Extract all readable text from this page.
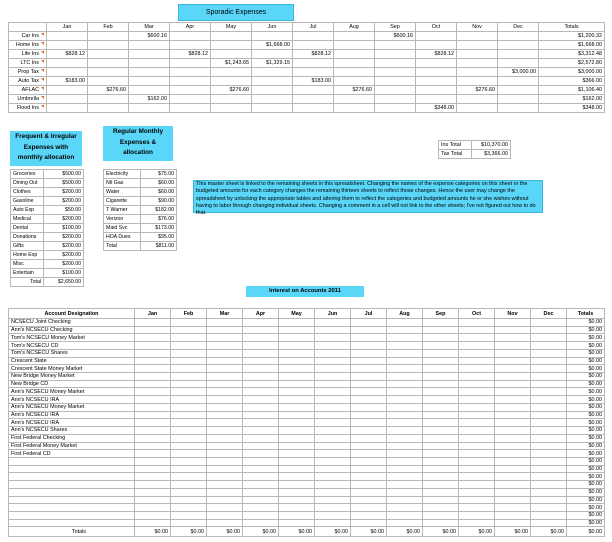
Sporadic Expenses
	Jan	Feb	Mar	Apr	May	Jun	Jul	Aug	Sep	Oct	Nov	Dec	Totals
Car Ins			$600.16						$600.16				$1,200.32
Home Ins						$1,668.00							$1,668.00
Life Ins	$828.12			$828.12			$828.12			$828.12			$3,312.48
LTC Ins					$1,243.65	$1,329.15							$2,572.80
Prop Tax												$3,000.00	$3,000.00
Auto Tax	$183.00						$183.00						$366.00
AFLAC		$276.60			$276.60			$276.60			$276.60		$1,106.40
Umbrella			$162.00										$162.00
Flood Ins										$348.00			$348.00
Frequent & Irregular
Expenses with
monthly allocation
Groceries	$500.00
Dining Out	$500.00
Clothes	$200.00
Gasoline	$200.00
Auto Exp	$50.00
Medical	$200.00
Dental	$100.00
Donations	$200.00
Gifts	$200.00
Home Exp	$200.00
Misc	$200.00
Entertain	$100.00
Total	$2,650.00
Regular Monthly
Expenses &
allocation
Electricity	$75.00
Ntl Gas	$60.00
Water	$60.00
Cigarette	$90.00
T Warner	$182.00
Verizon	$76.00
Maid Svc	$173.00
HOA Dues	$95.00
Total	$811.00
Ins Total	$10,370.00
Tax Total	$3,366.00
This master sheet is linked to the remaining sheets in this spreadsheet. Changing the names of the expense categories on this sheet or the budgeted amounts for each category changes the remaining thirteen sheets to reflect those changes. Hence the user may change the spreadsheet by unlocking the appropriate tables and altering them to reflect the categories and budgeted amounts he or she wishes without having to labor through changing individual sheets. Changing a comment in a cell will not link to the other sheets; I've not figured out how to do that.
Interest on Accounts 2011
Account Designation	Jan	Feb	Mar	Apr	May	Jun	Jul	Aug	Sep	Oct	Nov	Dec	Totals
NCSECU Joint Checking													$0.00
Ann's NCSECU Checking													$0.00
Tom's NCSECU Money Market													$0.00
Tom's NCSECU CD													$0.00
Tom's NCSECU Shares													$0.00
Crescent State													$0.00
Crescent State Money Market													$0.00
New Bridge Money Market													$0.00
New Bridge CD													$0.00
Ann's NCSECU Money Market													$0.00
Ann's NCSECU IRA													$0.00
Ann's NCSECU Money Market													$0.00
Ann's NCSECU IRA													$0.00
Ann's NCSECU IRA													$0.00
Ann's NCSECU Shares													$0.00
First Federal Checking													$0.00
First Federal Money Market													$0.00
First Federal CD													$0.00
													$0.00
													$0.00
													$0.00
													$0.00
													$0.00
													$0.00
													$0.00
													$0.00
													$0.00
Totals	$0.00	$0.00	$0.00	$0.00	$0.00	$0.00	$0.00	$0.00	$0.00	$0.00	$0.00	$0.00	$0.00
